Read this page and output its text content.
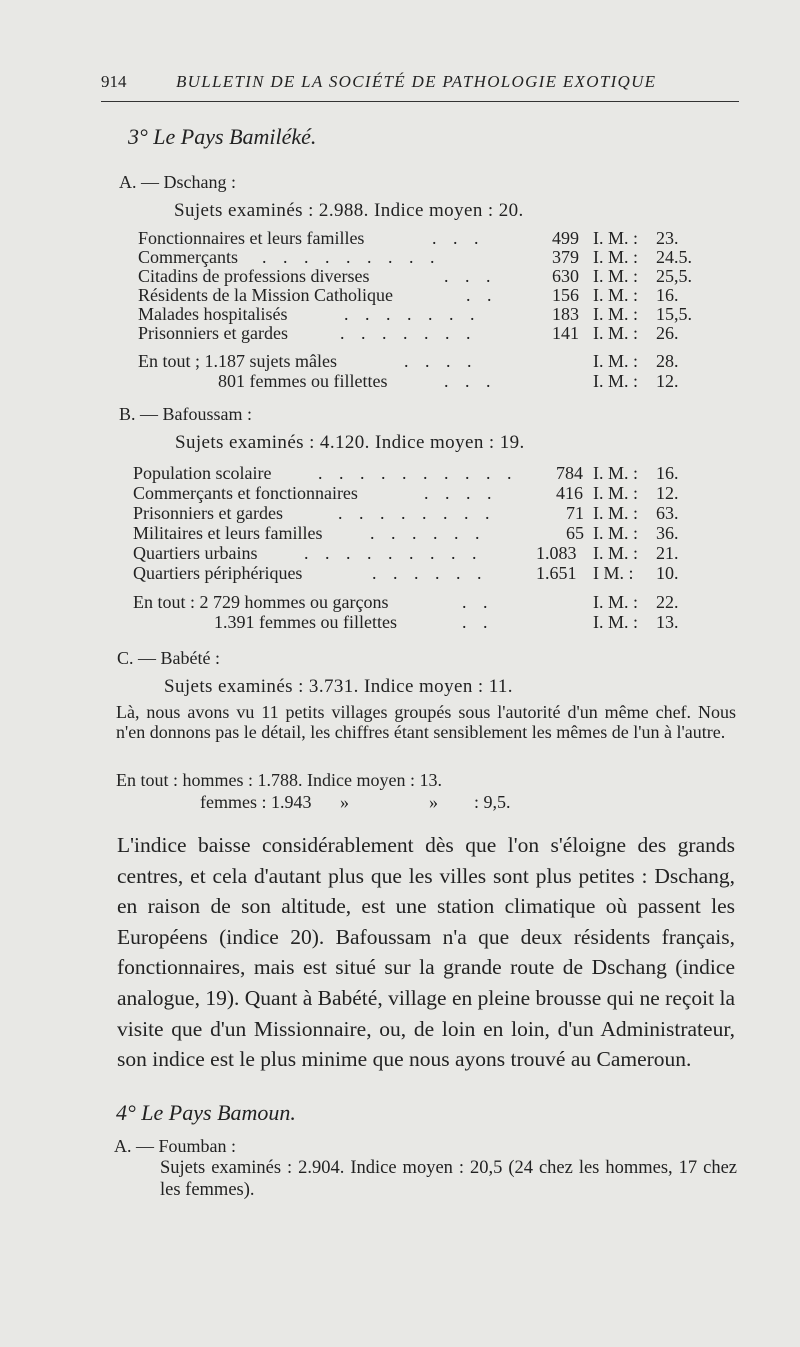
914	BULLETIN DE LA SOCIÉTÉ DE PATHOLOGIE EXOTIQUE
3° Le Pays Bamiléké.
A. — Dschang :
Sujets examinés : 2.988. Indice moyen : 20.
Fonctionnaires et leurs familles	. . .	499 I. M. : 23.
Commerçants . . . . . . . . .	379 I. M. : 24.5.
Citadins de professions diverses	. . .	630 I. M. : 25,5.
Résidents de la Mission Catholique	. .	156 I. M. : 16.
Malades hospitalisés	. . . . . . .	183 I. M. : 15,5.
Prisonniers et gardes	. . . . . . .	141 I. M. : 26.
En tout ; 1.187 sujets mâles	. . . .	I. M. : 28.
801 femmes ou fillettes	. . .	I. M. : 12.
B. — Bafoussam :
Sujets examinés : 4.120. Indice moyen : 19.
Population scolaire	. . . . . . . . . . 784 I. M. : 16.
Commerçants et fonctionnaires	. . . .	416 I. M. : 12.
Prisonniers et gardes	. . . . . . . .	71 I. M. : 63.
Militaires et leurs familles	. . . . . .	65 I. M. : 36.
Quartiers urbains	. . . . . . . . .	1.083 I. M. : 21.
Quartiers périphériques	. . . . . .	1.651 I M. : 10.
En tout : 2 729 hommes ou garçons	. .	I. M. : 22.
1.391 femmes ou fillettes	. .	I. M. : 13.
C. — Babété :
Sujets examinés : 3.731. Indice moyen : 11.
Là, nous avons vu 11 petits villages groupés sous l'autorité d'un même chef. Nous n'en donnons pas le détail, les chiffres étant sensiblement les mêmes de l'un à l'autre.
En tout : hommes : 1.788. Indice moyen : 13.
femmes : 1.943 »	» : 9,5.
L'indice baisse considérablement dès que l'on s'éloigne des grands centres, et cela d'autant plus que les villes sont plus petites : Dschang, en raison de son altitude, est une station climatique où passent les Européens (indice 20). Bafoussam n'a que deux résidents français, fonctionnaires, mais est situé sur la grande route de Dschang (indice analogue, 19). Quant à Babété, village en pleine brousse qui ne reçoit la visite que d'un Missionnaire, ou, de loin en loin, d'un Administrateur, son indice est le plus minime que nous ayons trouvé au Cameroun.
4° Le Pays Bamoun.
A. — Foumban :
Sujets examinés : 2.904. Indice moyen : 20,5 (24 chez les hommes, 17 chez les femmes).
